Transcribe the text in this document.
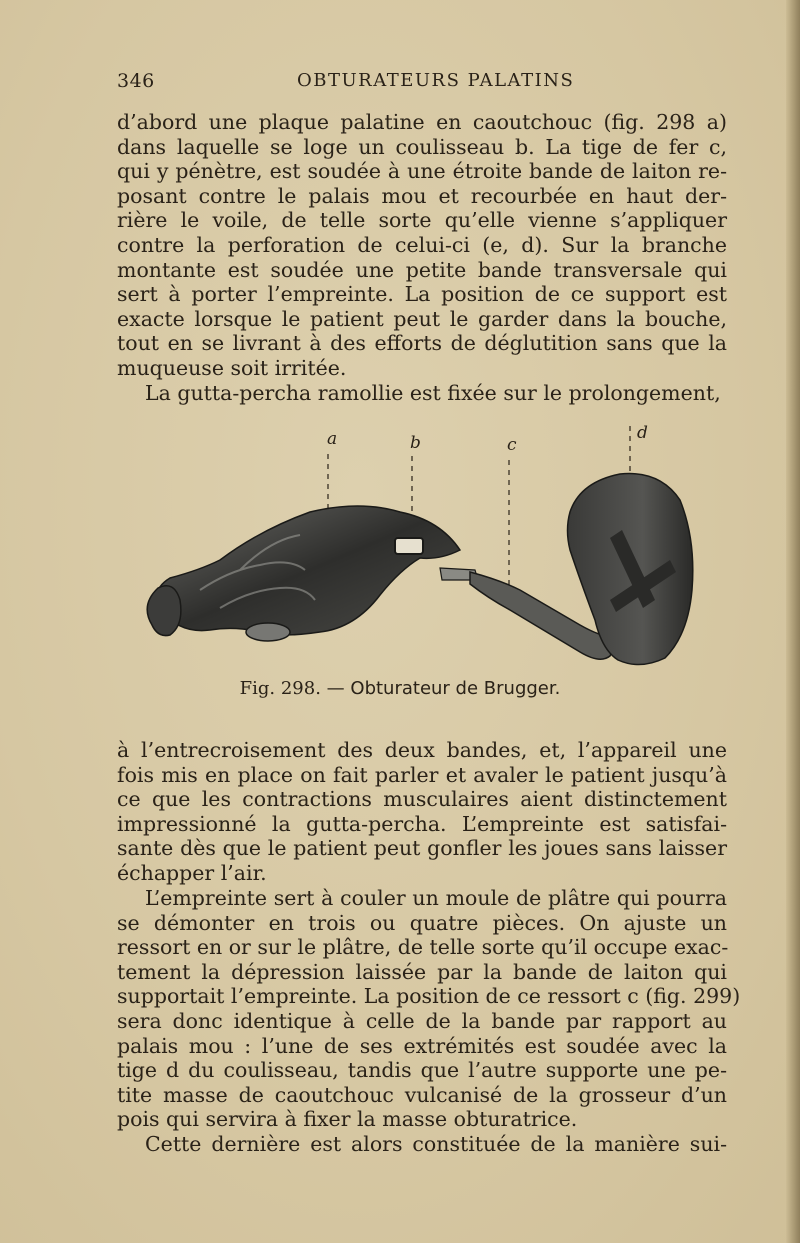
346	OBTURATEURS PALATINS

d’abord une plaque palatine en caoutchouc (fig. 298 a)
dans laquelle se loge un coulisseau b. La tige de fer c,
qui y pénètre, est soudée à une étroite bande de laiton re-
posant contre le palais mou et recourbée en haut der-
rière le voile, de telle sorte qu’elle vienne s’appliquer
contre la perforation de celui-ci (e, d). Sur la branche
montante est soudée une petite bande transversale qui
sert à porter l’empreinte. La position de ce support est
exacte lorsque le patient peut le garder dans la bouche,
tout en se livrant à des efforts de déglutition sans que la
muqueuse soit irritée.

La gutta-percha ramollie est fixée sur le prolongement,

a	b	c
d
Fig. 298. — Obturateur de Brugger.

à l’entrecroisement des deux bandes, et, l’appareil une
fois mis en place on fait parler et avaler le patient jusqu’à
ce que les contractions musculaires aient distinctement
impressionné la gutta-percha. L’empreinte est satisfai-
sante dès que le patient peut gonfler les joues sans laisser
échapper l’air.

L’empreinte sert à couler un moule de plâtre qui pourra
se démonter en trois ou quatre pièces. On ajuste un
ressort en or sur le plâtre, de telle sorte qu’il occupe exac-
tement la dépression laissée par la bande de laiton qui
supportait l’empreinte. La position de ce ressort c (fig. 299)
sera donc identique à celle de la bande par rapport au
palais mou : l’une de ses extrémités est soudée avec la
tige d du coulisseau, tandis que l’autre supporte une pe-
tite masse de caoutchouc vulcanisé de la grosseur d’un
pois qui servira à fixer la masse obturatrice.

Cette dernière est alors constituée de la manière sui-
